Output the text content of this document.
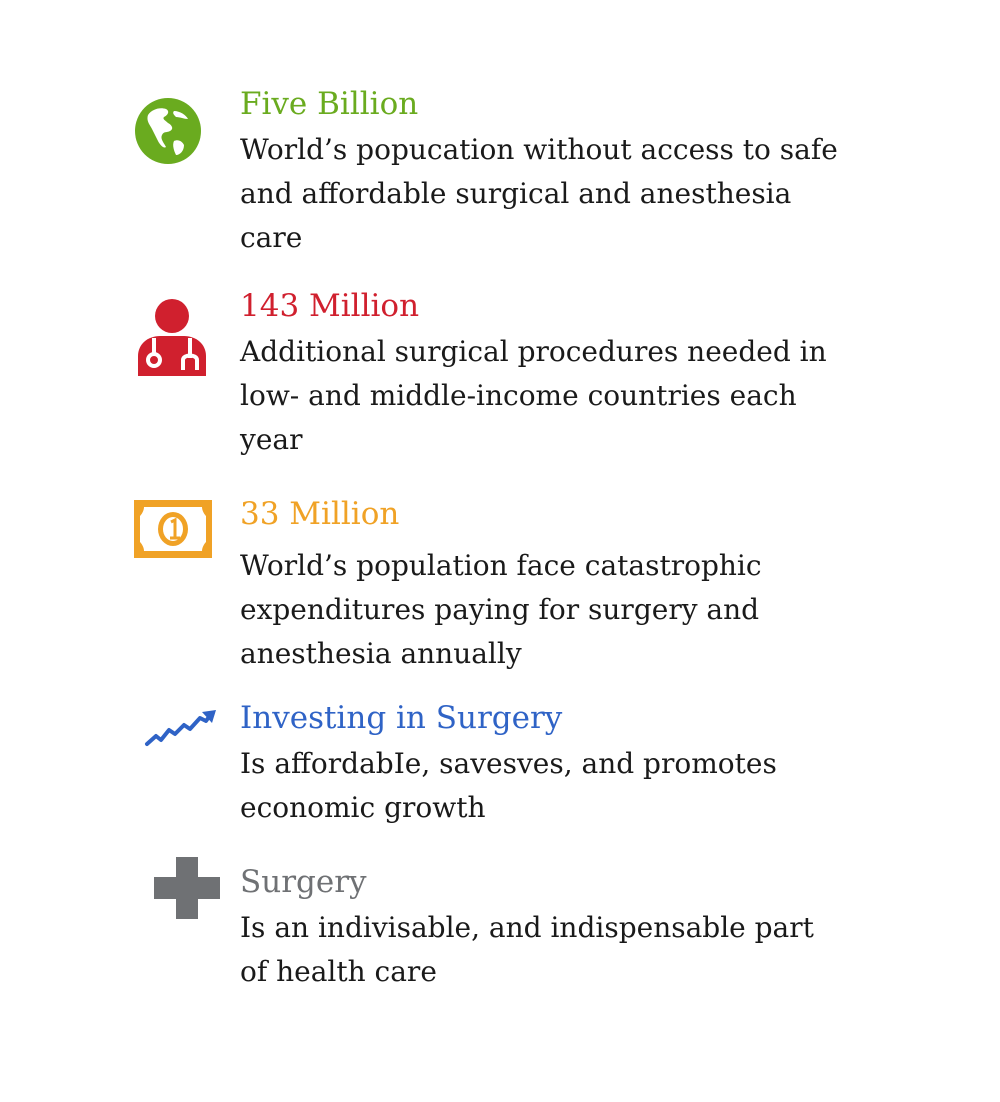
Five Billion

World’s popucation without access to safe
and affordable surgical and anesthesia
care

143 Million

Additional surgical procedures needed in
low- and middle-income countries each
year

33 Million

World’s population face catastrophic
expenditures paying for surgery and
anesthesia annually

Investing in Surgery

Is affordabIe, savesves, and promotes
economic growth

Surgery

Is an indivisable, and indispensable part
of health care
